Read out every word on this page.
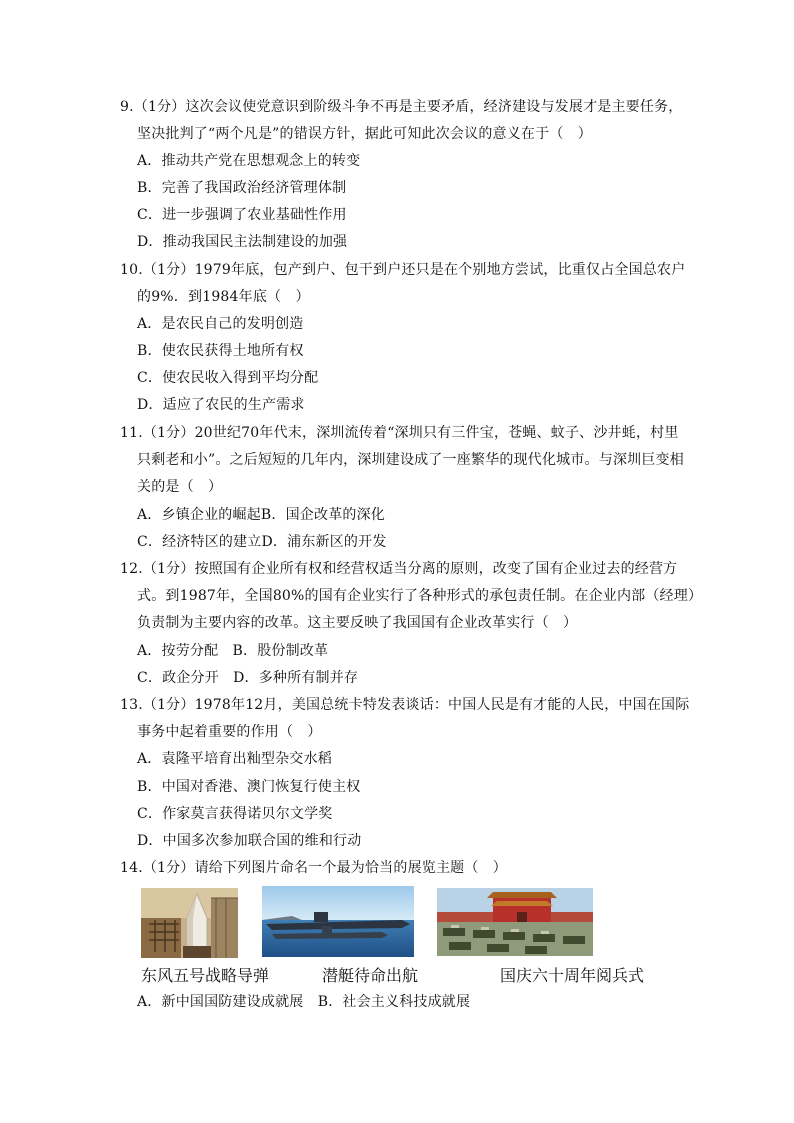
9.（1分）这次会议使党意识到阶级斗争不再是主要矛盾，经济建设与发展才是主要任务，
坚决批判了“两个凡是”的错误方针，据此可知此次会议的意义在于（　）
A．推动共产党在思想观念上的转变
B．完善了我国政治经济管理体制
C．进一步强调了农业基础性作用
D．推动我国民主法制建设的加强
10.（1分）1979年底，包产到户、包干到户还只是在个别地方尝试，比重仅占全国总农户
的9%．到1984年底（　）
A．是农民自己的发明创造
B．使农民获得土地所有权
C．使农民收入得到平均分配
D．适应了农民的生产需求
11.（1分）20世纪70年代末，深圳流传着“深圳只有三件宝，苍蝇、蚊子、沙井蚝，村里
只剩老和小”。之后短短的几年内，深圳建设成了一座繁华的现代化城市。与深圳巨变相
关的是（　）
A．乡镇企业的崛起B．国企改革的深化
C．经济特区的建立D．浦东新区的开发
12.（1分）按照国有企业所有权和经营权适当分离的原则，改变了国有企业过去的经营方
式。到1987年，全国80%的国有企业实行了各种形式的承包责任制。在企业内部（经理）
负责制为主要内容的改革。这主要反映了我国国有企业改革实行（　）
A．按劳分配　B．股份制改革
C．政企分开　D．多种所有制并存
13.（1分）1978年12月，美国总统卡特发表谈话：中国人民是有才能的人民，中国在国际
事务中起着重要的作用（　）
A．袁隆平培育出籼型杂交水稻
B．中国对香港、澳门恢复行使主权
C．作家莫言获得诺贝尔文学奖
D．中国多次参加联合国的维和行动
14.（1分）请给下列图片命名一个最为恰当的展览主题（　）
东风五号战略导弹	潜艇待命出航	国庆六十周年阅兵式
A．新中国国防建设成就展　B．社会主义科技成就展
